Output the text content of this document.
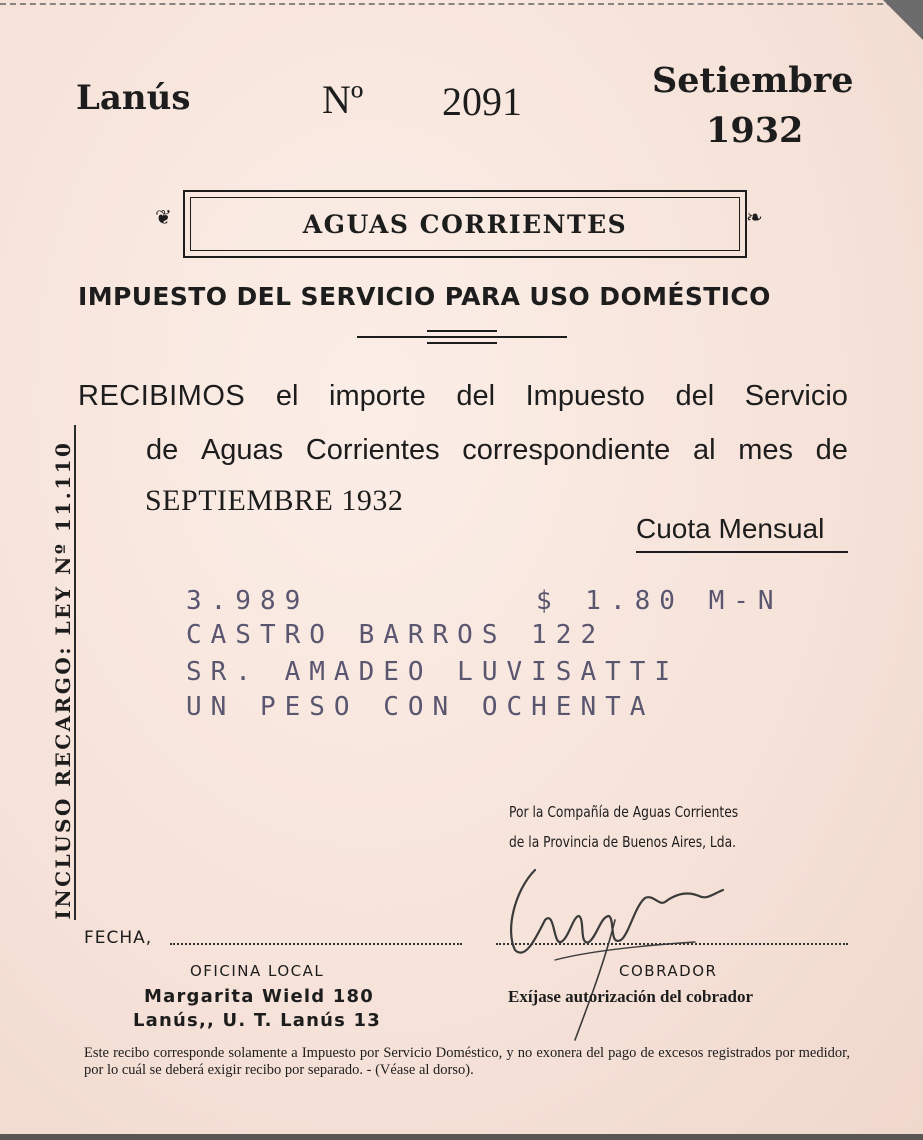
Lanús	Nº 2091	Setiembre
1932
❦	AGUAS CORRIENTES	❧
IMPUESTO DEL SERVICIO PARA USO DOMÉSTICO
RECIBIMOS el importe del Impuesto del Servicio
de Aguas Corrientes correspondiente al mes de
SEPTIEMBRE 1932
Cuota Mensual
3.989	$ 1.80 M-N
CASTRO BARROS 122
SR. AMADEO LUVISATTI
UN PESO CON OCHENTA
INCLUSO RECARGO: LEY Nº 11.110	Por la Compañía de Aguas Corrientes
de la Provincia de Buenos Aires, Lda.
FECHA,
OFICINA LOCAL
Margarita Wield 180
Lanús,, U. T. Lanús 13
COBRADOR
Exíjase autorización del cobrador
Este recibo corresponde solamente a Impuesto por Servicio Doméstico, y no exonera del pago de excesos registrados por medidor, por lo cuál se deberá exigir recibo por separado. - (Véase al dorso).
